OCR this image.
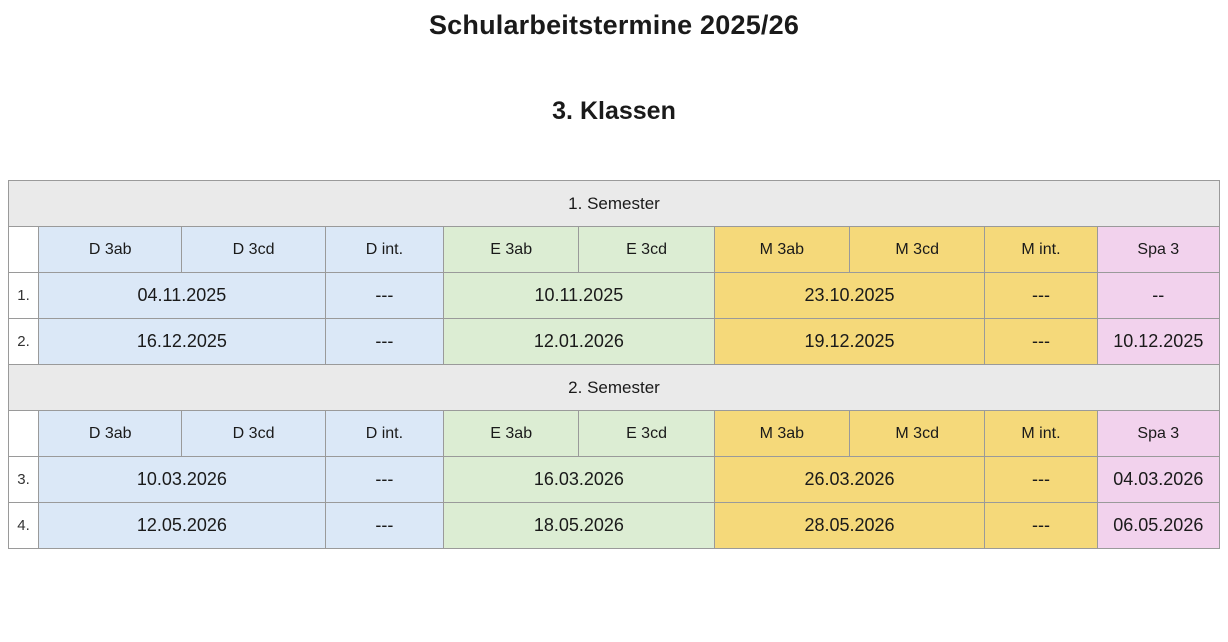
Schularbeitstermine 2025/26
3. Klassen
1. Semester									
	D 3ab	D 3cd	D int.	E 3ab	E 3cd	M 3ab	M 3cd	M int.	Spa 3
1.	04.11.2025		---	10.11.2025		23.10.2025		---	--
2.	16.12.2025		---	12.01.2026		19.12.2025		---	10.12.2025
2. Semester									
	D 3ab	D 3cd	D int.	E 3ab	E 3cd	M 3ab	M 3cd	M int.	Spa 3
3.	10.03.2026		---	16.03.2026		26.03.2026		---	04.03.2026
4.	12.05.2026		---	18.05.2026		28.05.2026		---	06.05.2026
